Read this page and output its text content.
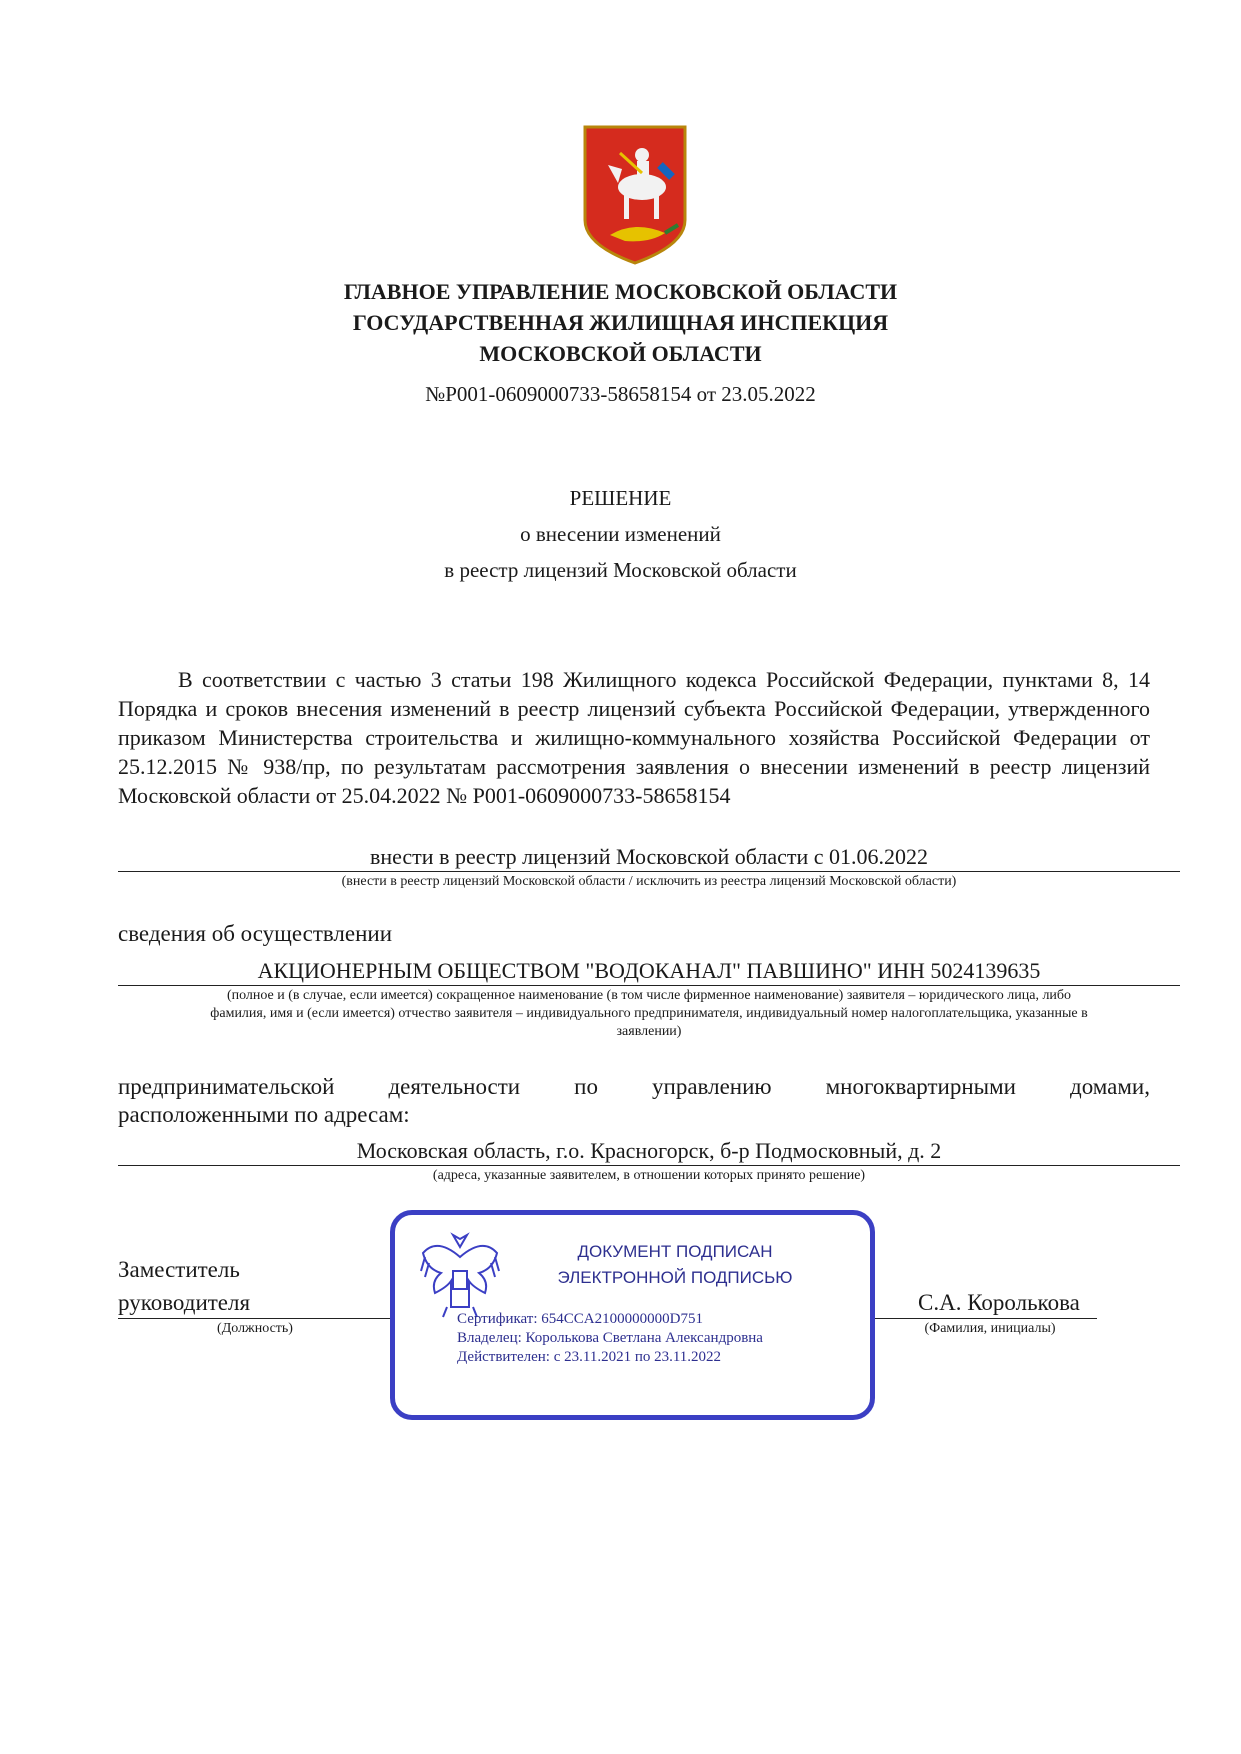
ГЛАВНОЕ УПРАВЛЕНИЕ МОСКОВСКОЙ ОБЛАСТИ
ГОСУДАРСТВЕННАЯ ЖИЛИЩНАЯ ИНСПЕКЦИЯ
МОСКОВСКОЙ ОБЛАСТИ
№Р001-0609000733-58658154 от 23.05.2022
РЕШЕНИЕ
о внесении изменений
в реестр лицензий Московской области
В соответствии с частью 3 статьи 198 Жилищного кодекса Российской Федерации, пунктами 8, 14 Порядка и сроков внесения изменений в реестр лицензий субъекта Российской Федерации, утвержденного приказом Министерства строительства и жилищно-коммунального хозяйства Российской Федерации от 25.12.2015 № 938/пр, по результатам рассмотрения заявления о внесении изменений в реестр лицензий Московской области от 25.04.2022 № Р001-0609000733-58658154
внести в реестр лицензий Московской области с 01.06.2022
(внести в реестр лицензий Московской области / исключить из реестра лицензий Московской области)
сведения об осуществлении
АКЦИОНЕРНЫМ ОБЩЕСТВОМ "ВОДОКАНАЛ" ПАВШИНО" ИНН 5024139635
(полное и (в случае, если имеется) сокращенное наименование (в том числе фирменное наименование) заявителя – юридического лица, либо
фамилия, имя и (если имеется) отчество заявителя – индивидуального предпринимателя, индивидуальный номер налогоплательщика, указанные в
заявлении)
предпринимательской деятельности по управлению многоквартирными домами,
расположенными по адресам:
Московская область, г.о. Красногорск, б-р Подмосковный, д. 2
(адреса, указанные заявителем, в отношении которых принято решение)
Заместитель
руководителя
(Должность)
С.А. Королькова
(Фамилия, инициалы)
ДОКУМЕНТ ПОДПИСАН
ЭЛЕКТРОННОЙ ПОДПИСЬЮ
Сертификат: 654CCA2100000000D751
Владелец: Королькова Светлана Александровна
Действителен: с 23.11.2021 по 23.11.2022
